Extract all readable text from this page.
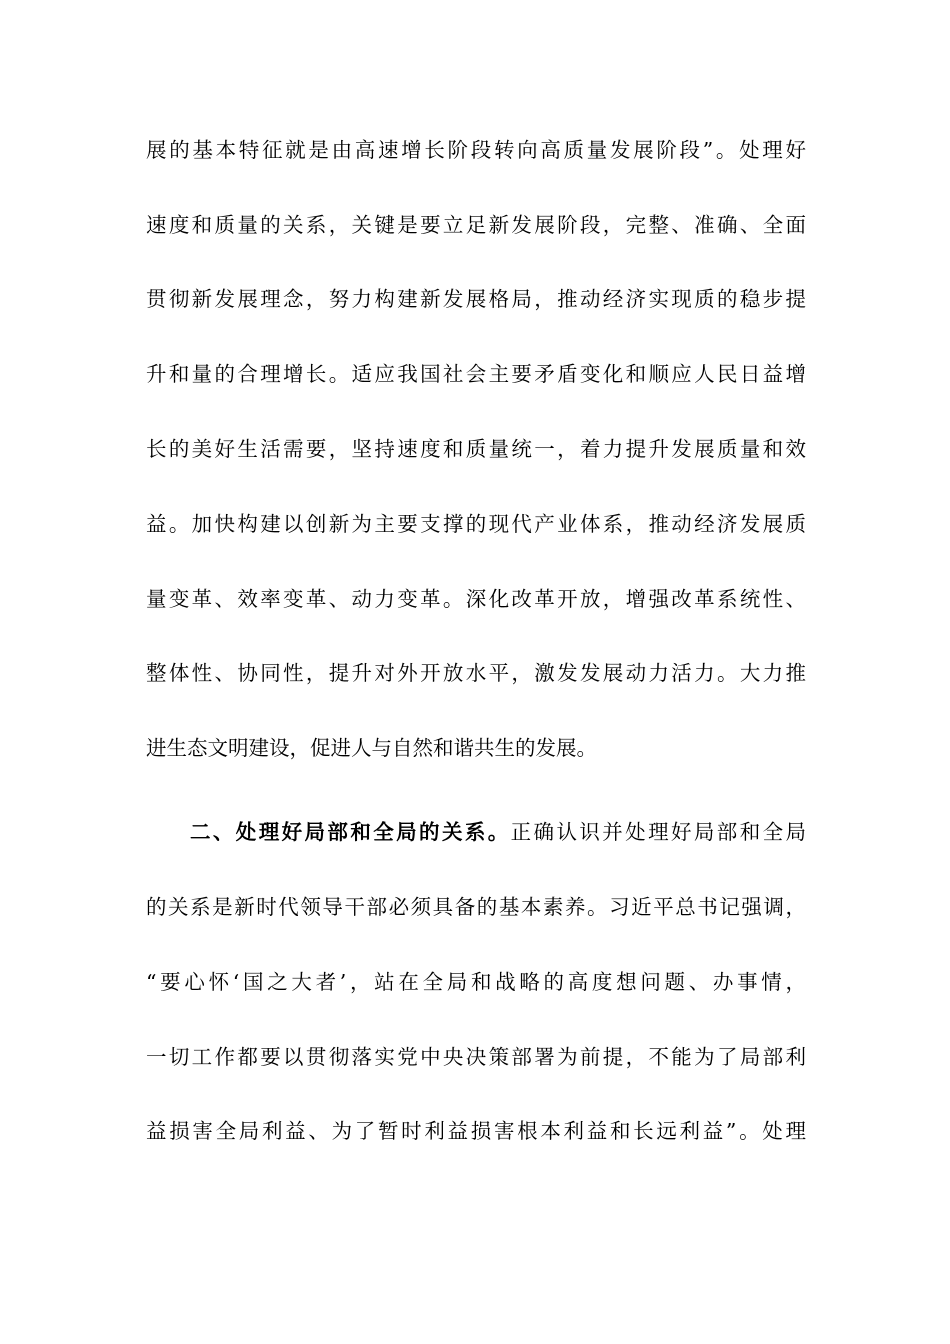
展的基本特征就是由高速增长阶段转向高质量发展阶段”。处理好
速度和质量的关系，关键是要立足新发展阶段，完整、准确、全面
贯彻新发展理念，努力构建新发展格局，推动经济实现质的稳步提
升和量的合理增长。适应我国社会主要矛盾变化和顺应人民日益增
长的美好生活需要，坚持速度和质量统一，着力提升发展质量和效
益。加快构建以创新为主要支撑的现代产业体系，推动经济发展质
量变革、效率变革、动力变革。深化改革开放，增强改革系统性、
整体性、协同性，提升对外开放水平，激发发展动力活力。大力推
进生态文明建设，促进人与自然和谐共生的发展。
二、处理好局部和全局的关系。正确认识并处理好局部和全局
的关系是新时代领导干部必须具备的基本素养。习近平总书记强调，
“要心怀‘国之大者’，站在全局和战略的高度想问题、办事情，
一切工作都要以贯彻落实党中央决策部署为前提，不能为了局部利
益损害全局利益、为了暂时利益损害根本利益和长远利益”。处理
